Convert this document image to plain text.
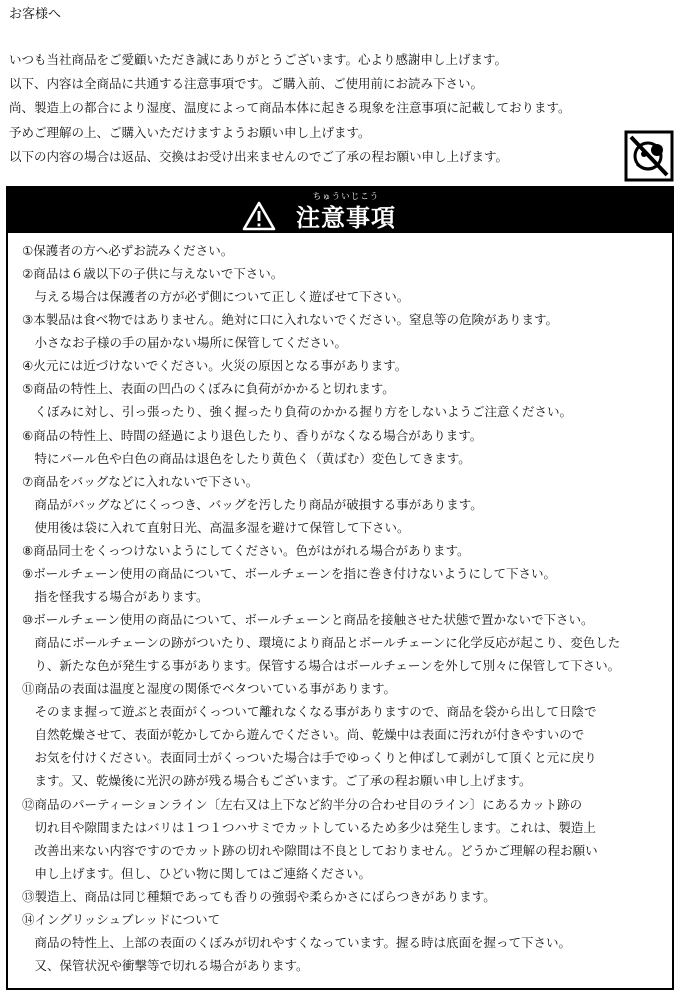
お客様へ
いつも当社商品をご愛顧いただき誠にありがとうございます。心より感謝申し上げます。
以下、内容は全商品に共通する注意事項です。ご購入前、ご使用前にお読み下さい。
尚、製造上の都合により湿度、温度によって商品本体に起きる現象を注意事項に記載しております。
予めご理解の上、ご購入いただけますようお願い申し上げます。
以下の内容の場合は返品、交換はお受け出来ませんのでご了承の程お願い申し上げます。
ちゅういじこう
注意事項
①保護者の方へ必ずお読みください。
②商品は６歳以下の子供に与えないで下さい。
　与える場合は保護者の方が必ず側について正しく遊ばせて下さい。
③本製品は食べ物ではありません。絶対に口に入れないでください。窒息等の危険があります。
　小さなお子様の手の届かない場所に保管してください。
④火元には近づけないでください。火災の原因となる事があります。
⑤商品の特性上、表面の凹凸のくぼみに負荷がかかると切れます。
　くぼみに対し、引っ張ったり、強く握ったり負荷のかかる握り方をしないようご注意ください。
⑥商品の特性上、時間の経過により退色したり、香りがなくなる場合があります。
　特にパール色や白色の商品は退色をしたり黄色く（黄ばむ）変色してきます。
⑦商品をバッグなどに入れないで下さい。
　商品がバッグなどにくっつき、バッグを汚したり商品が破損する事があります。
　使用後は袋に入れて直射日光、高温多湿を避けて保管して下さい。
⑧商品同士をくっつけないようにしてください。色がはがれる場合があります。
⑨ボールチェーン使用の商品について、ボールチェーンを指に巻き付けないようにして下さい。
　指を怪我する場合があります。
⑩ボールチェーン使用の商品について、ボールチェーンと商品を接触させた状態で置かないで下さい。
　商品にボールチェーンの跡がついたり、環境により商品とボールチェーンに化学反応が起こり、変色した
　り、新たな色が発生する事があります。保管する場合はボールチェーンを外して別々に保管して下さい。
⑪商品の表面は温度と湿度の関係でベタついている事があります。
　そのまま握って遊ぶと表面がくっついて離れなくなる事がありますので、商品を袋から出して日陰で
　自然乾燥させて、表面が乾かしてから遊んでください。尚、乾燥中は表面に汚れが付きやすいので
　お気を付けください。表面同士がくっついた場合は手でゆっくりと伸ばして剥がして頂くと元に戻り
　ます。又、乾燥後に光沢の跡が残る場合もございます。ご了承の程お願い申し上げます。
⑫商品のパーティーションライン〔左右又は上下など約半分の合わせ目のライン〕にあるカット跡の
　切れ目や隙間またはバリは１つ１つハサミでカットしているため多少は発生します。これは、製造上
　改善出来ない内容ですのでカット跡の切れや隙間は不良としておりません。どうかご理解の程お願い
　申し上げます。但し、ひどい物に関してはご連絡ください。
⑬製造上、商品は同じ種類であっても香りの強弱や柔らかさにばらつきがあります。
⑭イングリッシュブレッドについて
　商品の特性上、上部の表面のくぼみが切れやすくなっています。握る時は底面を握って下さい。
　又、保管状況や衝撃等で切れる場合があります。
